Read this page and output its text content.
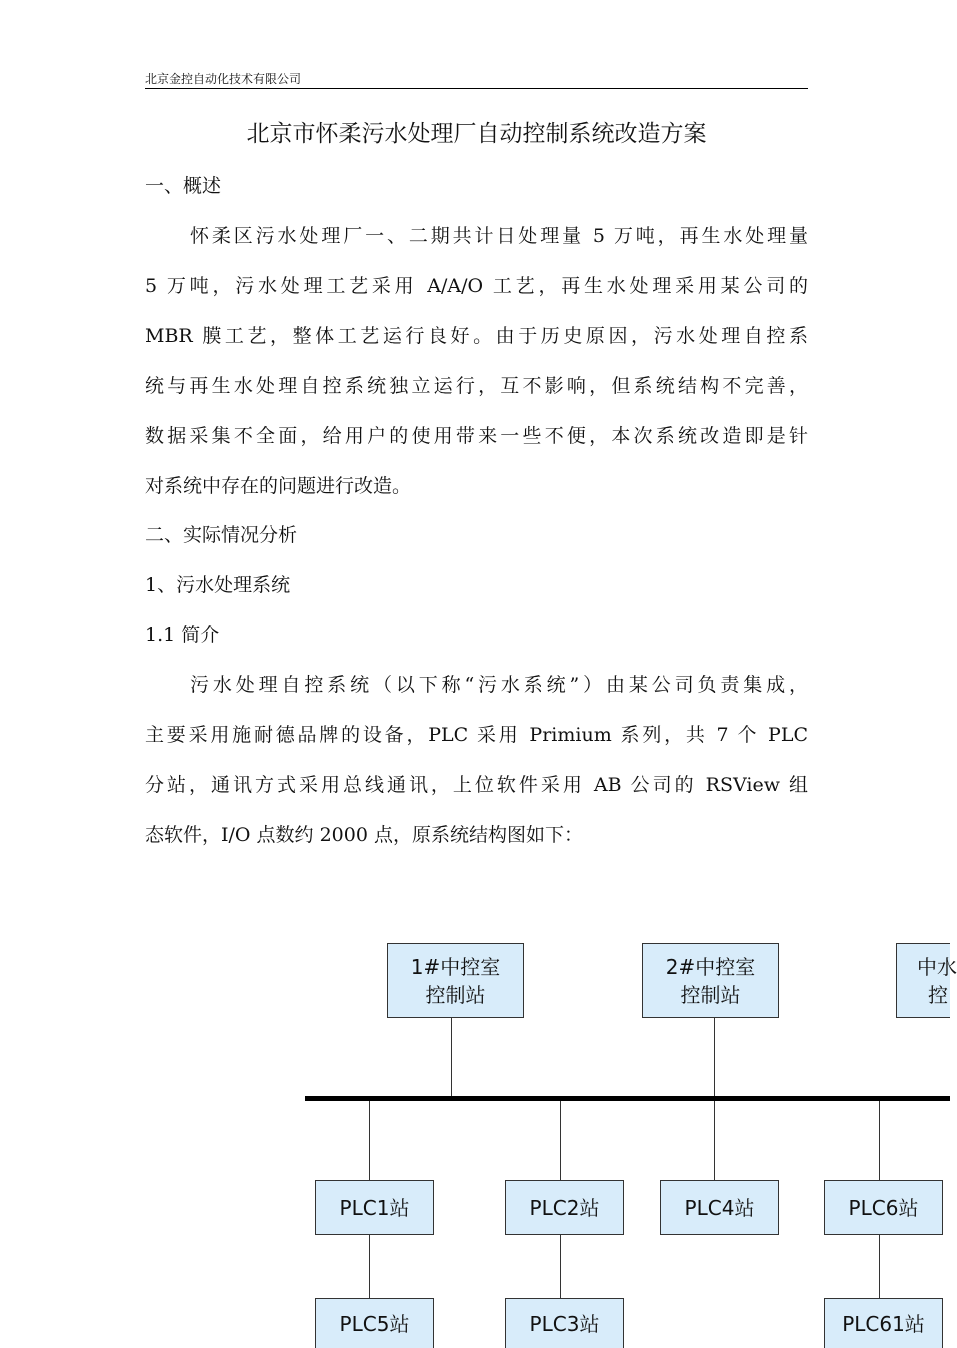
北京金控自动化技术有限公司
北京市怀柔污水处理厂自动控制系统改造方案
一、概述
怀柔区污水处理厂一、二期共计日处理量 5 万吨，再生水处理量
5 万吨，污水处理工艺采用 A/A/O 工艺，再生水处理采用某公司的
MBR 膜工艺，整体工艺运行良好。由于历史原因，污水处理自控系
统与再生水处理自控系统独立运行，互不影响，但系统结构不完善，
数据采集不全面，给用户的使用带来一些不便，本次系统改造即是针
对系统中存在的问题进行改造。
二、实际情况分析
1、污水处理系统
1.1 简介
污水处理自控系统（以下称“污水系统”）由某公司负责集成，
主要采用施耐德品牌的设备，PLC 采用 Primium 系列，共 7 个 PLC
分站，通讯方式采用总线通讯，上位软件采用 AB 公司的 RSView 组
态软件，I/O 点数约 2000 点，原系统结构图如下：
1#中控室
控制站
2#中控室
控制站
中水
控
PLC1站	PLC2站	PLC4站	PLC6站
PLC5站	PLC3站	PLC61站
